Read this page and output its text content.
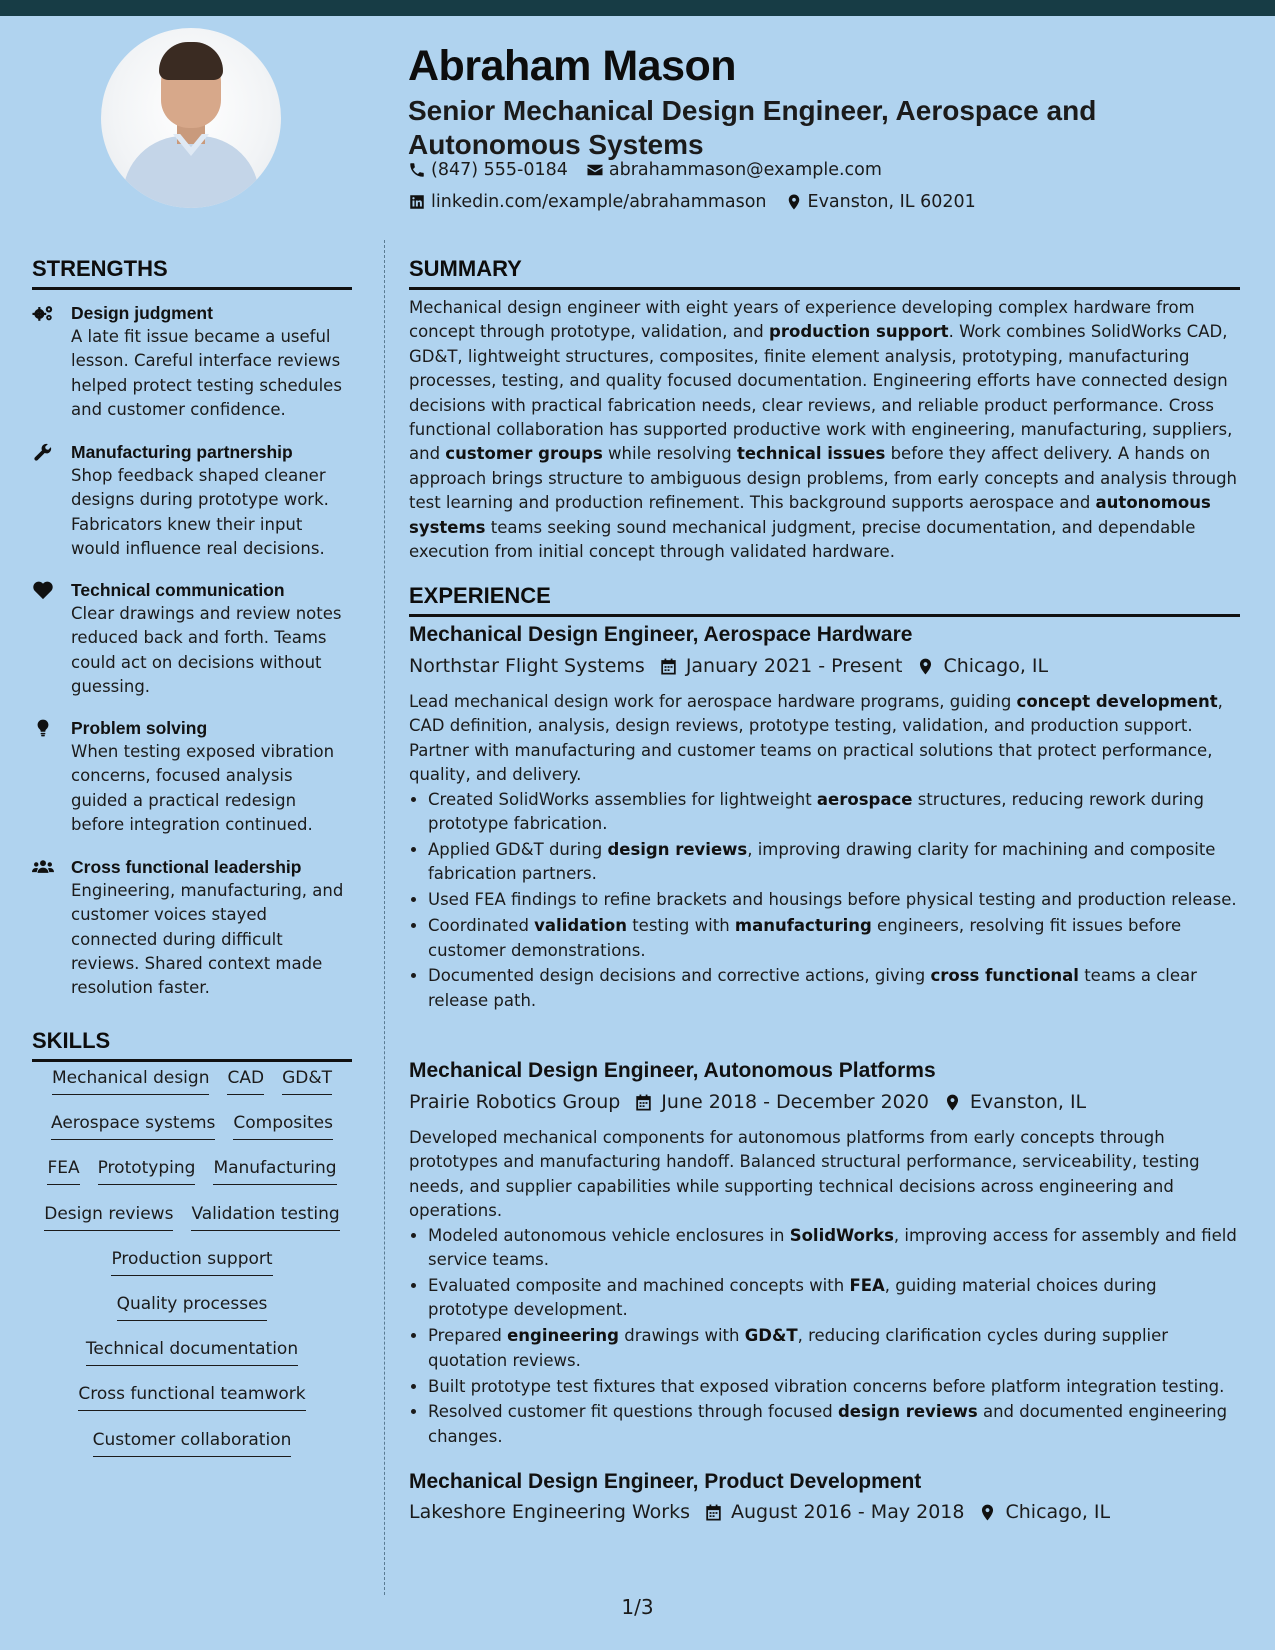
Abraham Mason
Senior Mechanical Design Engineer, Aerospace and Autonomous Systems
(847) 555-0184 abrahammason@example.com
linkedin.com/example/abrahammason Evanston, IL 60201
STRENGTHS
Design judgment
A late fit issue became a useful lesson. Careful interface reviews helped protect testing schedules and customer confidence.
Manufacturing partnership
Shop feedback shaped cleaner designs during prototype work. Fabricators knew their input would influence real decisions.
Technical communication
Clear drawings and review notes reduced back and forth. Teams could act on decisions without guessing.
Problem solving
When testing exposed vibration concerns, focused analysis guided a practical redesign before integration continued.
Cross functional leadership
Engineering, manufacturing, and customer voices stayed connected during difficult reviews. Shared context made resolution faster.
SKILLS
Mechanical design CAD GD&T
Aerospace systems Composites
FEA Prototyping Manufacturing
Design reviews Validation testing
Production support
Quality processes
Technical documentation
Cross functional teamwork
Customer collaboration
SUMMARY

Mechanical design engineer with eight years of experience developing complex hardware from concept through prototype, validation, and production support. Work combines SolidWorks CAD, GD&T, lightweight structures, composites, finite element analysis, prototyping, manufacturing processes, testing, and quality focused documentation. Engineering efforts have connected design decisions with practical fabrication needs, clear reviews, and reliable product performance. Cross functional collaboration has supported productive work with engineering, manufacturing, suppliers, and customer groups while resolving technical issues before they affect delivery. A hands on approach brings structure to ambiguous design problems, from early concepts and analysis through test learning and production refinement. This background supports aerospace and autonomous systems teams seeking sound mechanical judgment, precise documentation, and dependable execution from initial concept through validated hardware.

EXPERIENCE
Mechanical Design Engineer, Aerospace Hardware
Northstar Flight Systems January 2021 - Present Chicago, IL

Lead mechanical design work for aerospace hardware programs, guiding concept development, CAD definition, analysis, design reviews, prototype testing, validation, and production support. Partner with manufacturing and customer teams on practical solutions that protect performance, quality, and delivery.

• Created SolidWorks assemblies for lightweight aerospace structures, reducing rework during prototype fabrication.
• Applied GD&T during design reviews, improving drawing clarity for machining and composite fabrication partners.
• Used FEA findings to refine brackets and housings before physical testing and production release.
• Coordinated validation testing with manufacturing engineers, resolving fit issues before customer demonstrations.
• Documented design decisions and corrective actions, giving cross functional teams a clear release path.
Mechanical Design Engineer, Autonomous Platforms
Prairie Robotics Group June 2018 - December 2020 Evanston, IL

Developed mechanical components for autonomous platforms from early concepts through prototypes and manufacturing handoff. Balanced structural performance, serviceability, testing needs, and supplier capabilities while supporting technical decisions across engineering and operations.

• Modeled autonomous vehicle enclosures in SolidWorks, improving access for assembly and field service teams.
• Evaluated composite and machined concepts with FEA, guiding material choices during prototype development.
• Prepared engineering drawings with GD&T, reducing clarification cycles during supplier quotation reviews.
• Built prototype test fixtures that exposed vibration concerns before platform integration testing.
• Resolved customer fit questions through focused design reviews and documented engineering changes.
Mechanical Design Engineer, Product Development
Lakeshore Engineering Works August 2016 - May 2018 Chicago, IL
1/3
